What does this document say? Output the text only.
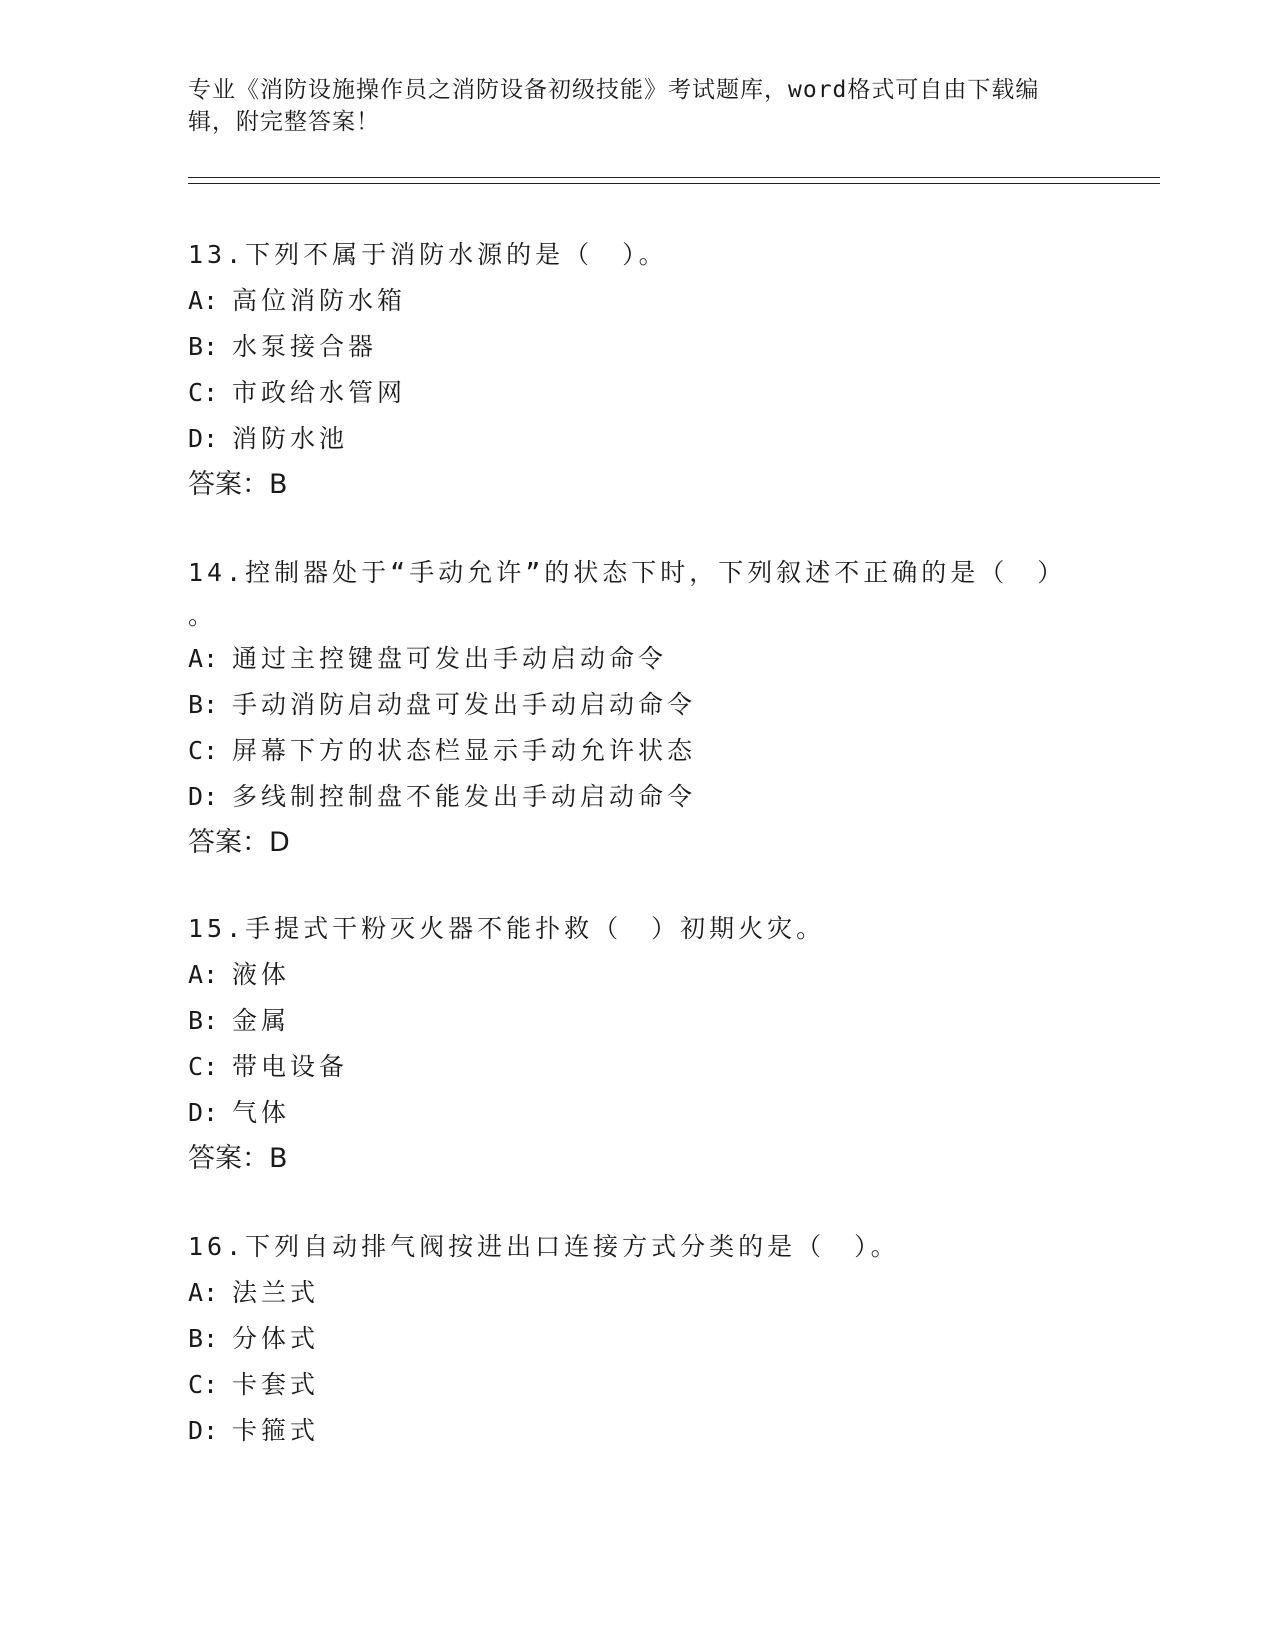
专业《消防设施操作员之消防设备初级技能》考试题库，word格式可自由下载编
辑，附完整答案！
13.下列不属于消防水源的是（　）。
A: 高位消防水箱
B: 水泵接合器
C: 市政给水管网
D: 消防水池
答案：B
14.控制器处于“手动允许”的状态下时，下列叙述不正确的是（　）
。
A: 通过主控键盘可发出手动启动命令
B: 手动消防启动盘可发出手动启动命令
C: 屏幕下方的状态栏显示手动允许状态
D: 多线制控制盘不能发出手动启动命令
答案：D
15.手提式干粉灭火器不能扑救（　）初期火灾。
A: 液体
B: 金属
C: 带电设备
D: 气体
答案：B
16.下列自动排气阀按进出口连接方式分类的是（　）。
A: 法兰式
B: 分体式
C: 卡套式
D: 卡箍式
